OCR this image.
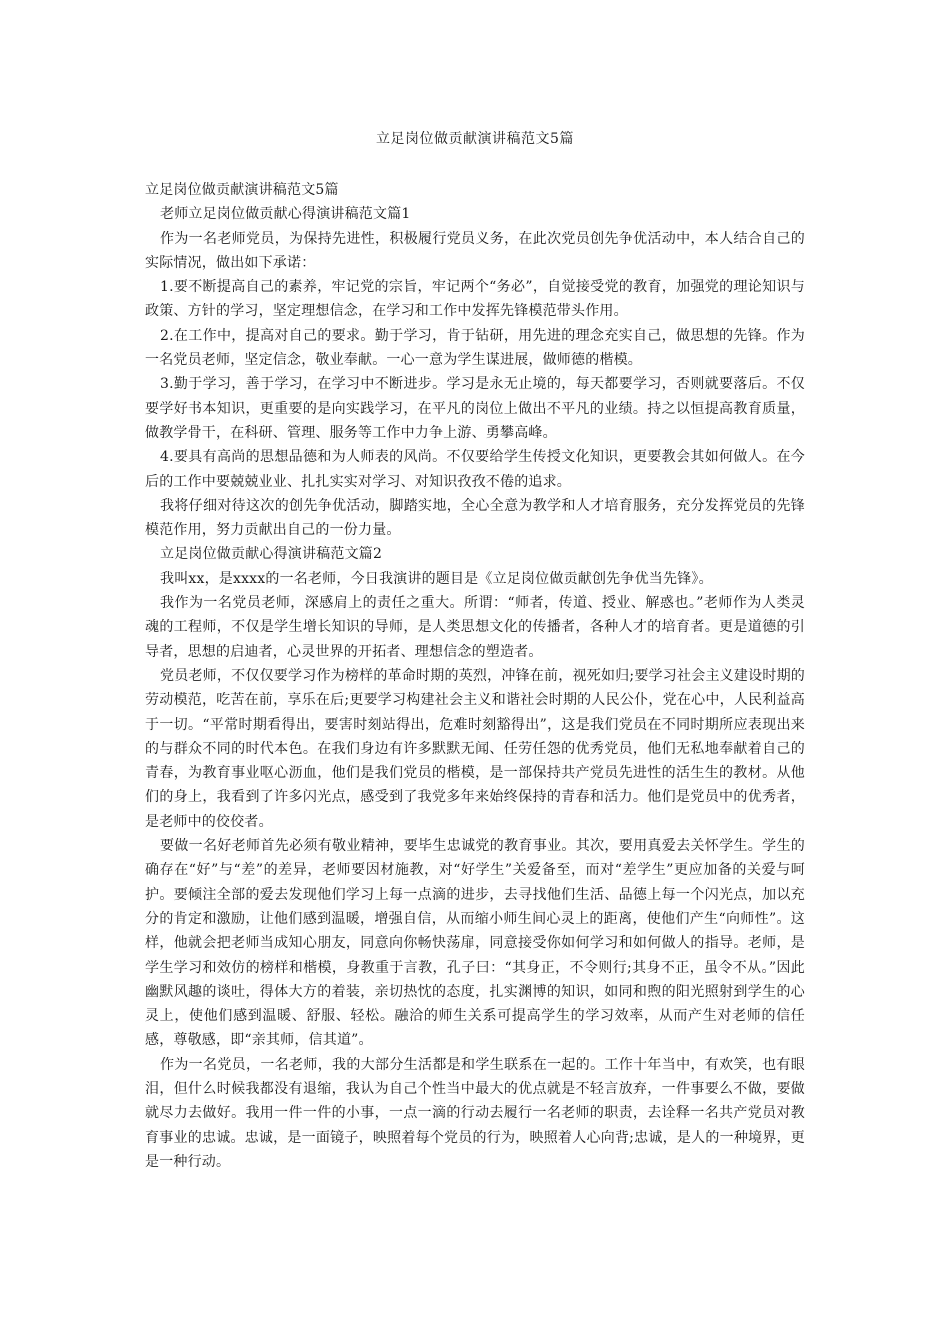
立足岗位做贡献演讲稿范文5篇

立足岗位做贡献演讲稿范文5篇

老师立足岗位做贡献心得演讲稿范文篇1

作为一名老师党员，为保持先进性，积极履行党员义务，在此次党员创先争优活动中，本人结合自己的实际情况，做出如下承诺：

1.要不断提高自己的素养，牢记党的宗旨，牢记两个“务必”，自觉接受党的教育，加强党的理论知识与政策、方针的学习，坚定理想信念，在学习和工作中发挥先锋模范带头作用。

2.在工作中，提高对自己的要求。勤于学习，肯于钻研，用先进的理念充实自己，做思想的先锋。作为一名党员老师，坚定信念，敬业奉献。一心一意为学生谋进展，做师德的楷模。

3.勤于学习，善于学习，在学习中不断进步。学习是永无止境的，每天都要学习，否则就要落后。不仅要学好书本知识，更重要的是向实践学习，在平凡的岗位上做出不平凡的业绩。持之以恒提高教育质量，做教学骨干，在科研、管理、服务等工作中力争上游、勇攀高峰。

4.要具有高尚的思想品德和为人师表的风尚。不仅要给学生传授文化知识，更要教会其如何做人。在今后的工作中要兢兢业业、扎扎实实对学习、对知识孜孜不倦的追求。

我将仔细对待这次的创先争优活动，脚踏实地，全心全意为教学和人才培育服务，充分发挥党员的先锋模范作用，努力贡献出自己的一份力量。

立足岗位做贡献心得演讲稿范文篇2

我叫xx，是xxxx的一名老师，今日我演讲的题目是《立足岗位做贡献创先争优当先锋》。

我作为一名党员老师，深感肩上的责任之重大。所谓：“师者，传道、授业、解惑也。”老师作为人类灵魂的工程师，不仅是学生增长知识的导师，是人类思想文化的传播者，各种人才的培育者。更是道德的引导者，思想的启迪者，心灵世界的开拓者、理想信念的塑造者。

党员老师，不仅仅要学习作为榜样的革命时期的英烈，冲锋在前，视死如归;要学习社会主义建设时期的劳动模范，吃苦在前，享乐在后;更要学习构建社会主义和谐社会时期的人民公仆，党在心中，人民利益高于一切。“平常时期看得出，要害时刻站得出，危难时刻豁得出”，这是我们党员在不同时期所应表现出来的与群众不同的时代本色。在我们身边有许多默默无闻、任劳任怨的优秀党员，他们无私地奉献着自己的青春，为教育事业呕心沥血，他们是我们党员的楷模，是一部保持共产党员先进性的活生生的教材。从他们的身上，我看到了许多闪光点，感受到了我党多年来始终保持的青春和活力。他们是党员中的优秀者，是老师中的佼佼者。

要做一名好老师首先必须有敬业精神，要毕生忠诚党的教育事业。其次，要用真爱去关怀学生。学生的确存在“好”与“差”的差异，老师要因材施教，对“好学生”关爱备至，而对“差学生”更应加备的关爱与呵护。要倾注全部的爱去发现他们学习上每一点滴的进步，去寻找他们生活、品德上每一个闪光点，加以充分的肯定和激励，让他们感到温暖，增强自信，从而缩小师生间心灵上的距离，使他们产生“向师性”。这样，他就会把老师当成知心朋友，同意向你畅快荡扉，同意接受你如何学习和如何做人的指导。老师，是学生学习和效仿的榜样和楷模，身教重于言教，孔子曰：“其身正，不令则行;其身不正，虽令不从。”因此幽默风趣的谈吐，得体大方的着装，亲切热忱的态度，扎实渊博的知识，如同和煦的阳光照射到学生的心灵上，使他们感到温暖、舒服、轻松。融洽的师生关系可提高学生的学习效率，从而产生对老师的信任感，尊敬感，即“亲其师，信其道”。

作为一名党员，一名老师，我的大部分生活都是和学生联系在一起的。工作十年当中，有欢笑，也有眼泪，但什么时候我都没有退缩，我认为自己个性当中最大的优点就是不轻言放弃，一件事要么不做，要做就尽力去做好。我用一件一件的小事，一点一滴的行动去履行一名老师的职责，去诠释一名共产党员对教育事业的忠诚。忠诚，是一面镜子，映照着每个党员的行为，映照着人心向背;忠诚，是人的一种境界，更是一种行动。
